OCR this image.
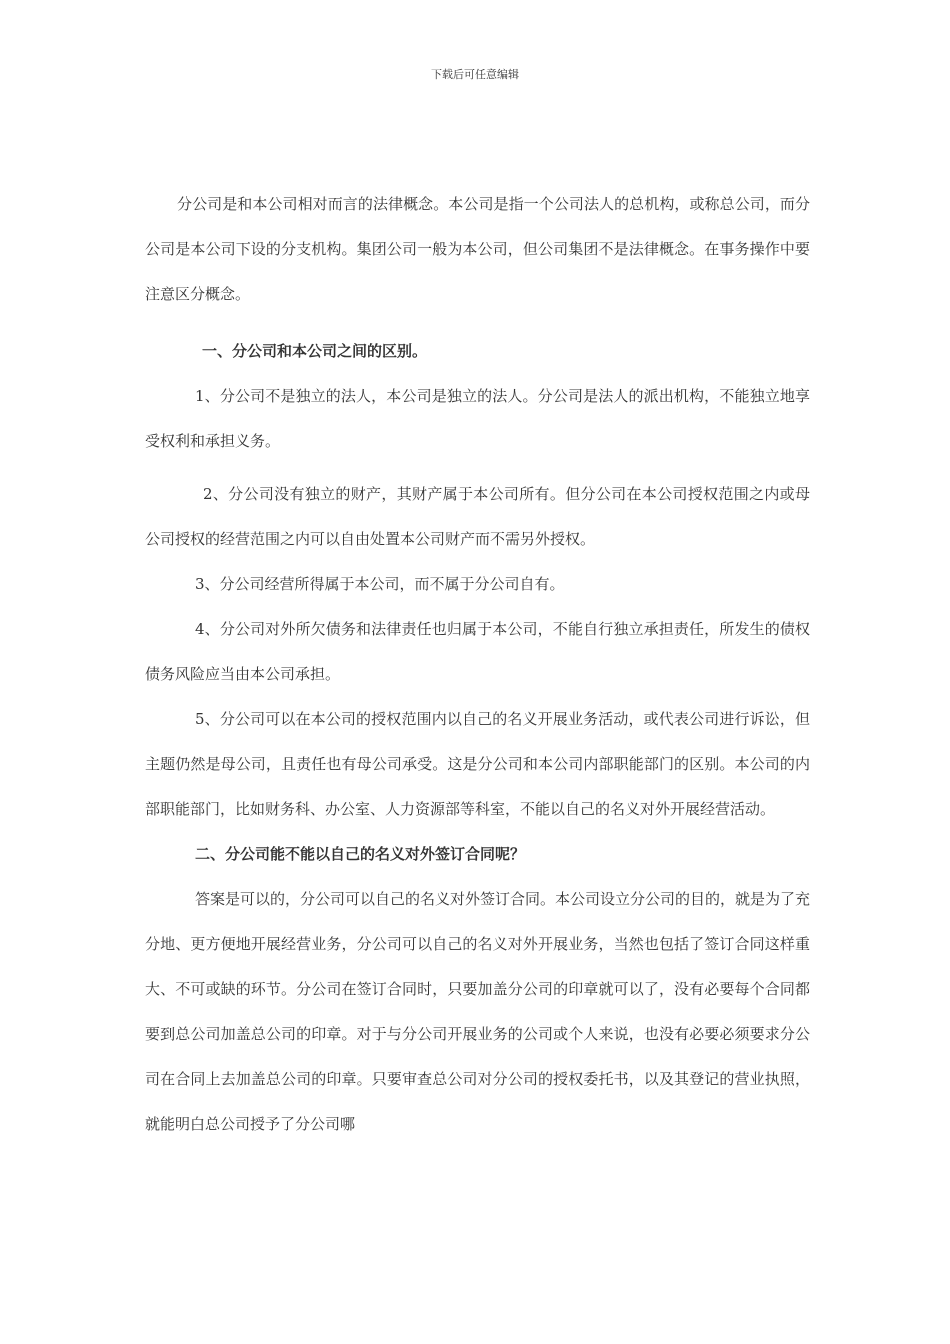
下载后可任意编辑

分公司是和本公司相对而言的法律概念。本公司是指一个公司法人的总机构，或称总公司，而分公司是本公司下设的分支机构。集团公司一般为本公司，但公司集团不是法律概念。在事务操作中要注意区分概念。

一、分公司和本公司之间的区别。

1、分公司不是独立的法人，本公司是独立的法人。分公司是法人的派出机构，不能独立地享受权利和承担义务。

2、分公司没有独立的财产，其财产属于本公司所有。但分公司在本公司授权范围之内或母公司授权的经营范围之内可以自由处置本公司财产而不需另外授权。

3、分公司经营所得属于本公司，而不属于分公司自有。

4、分公司对外所欠债务和法律责任也归属于本公司，不能自行独立承担责任，所发生的债权债务风险应当由本公司承担。

5、分公司可以在本公司的授权范围内以自己的名义开展业务活动，或代表公司进行诉讼，但主题仍然是母公司，且责任也有母公司承受。这是分公司和本公司内部职能部门的区别。本公司的内部职能部门，比如财务科、办公室、人力资源部等科室，不能以自己的名义对外开展经营活动。

二、分公司能不能以自己的名义对外签订合同呢？

答案是可以的，分公司可以自己的名义对外签订合同。本公司设立分公司的目的，就是为了充分地、更方便地开展经营业务，分公司可以自己的名义对外开展业务，当然也包括了签订合同这样重大、不可或缺的环节。分公司在签订合同时，只要加盖分公司的印章就可以了，没有必要每个合同都要到总公司加盖总公司的印章。对于与分公司开展业务的公司或个人来说，也没有必要必须要求分公司在合同上去加盖总公司的印章。只要审查总公司对分公司的授权委托书，以及其登记的营业执照，就能明白总公司授予了分公司哪
